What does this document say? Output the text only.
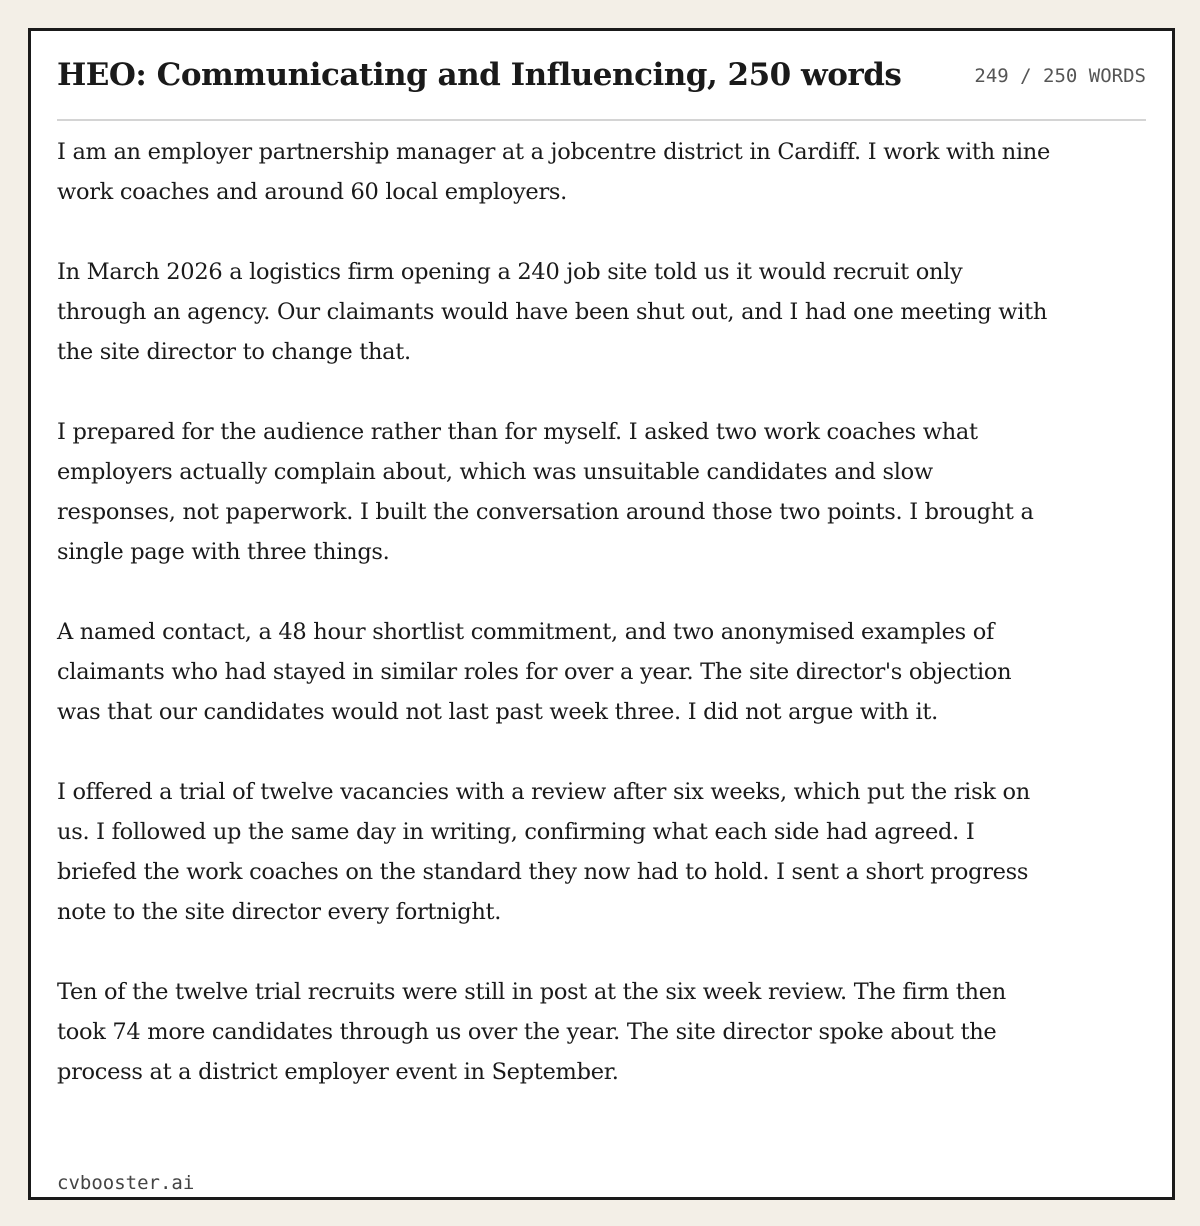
HEO: Communicating and Influencing, 250 words	249 / 250 WORDS

I am an employer partnership manager at a jobcentre district in Cardiff. I work with nine work coaches and around 60 local employers.

In March 2026 a logistics firm opening a 240 job site told us it would recruit only through an agency. Our claimants would have been shut out, and I had one meeting with the site director to change that.

I prepared for the audience rather than for myself. I asked two work coaches what employers actually complain about, which was unsuitable candidates and slow responses, not paperwork. I built the conversation around those two points. I brought a single page with three things.

A named contact, a 48 hour shortlist commitment, and two anonymised examples of claimants who had stayed in similar roles for over a year. The site director's objection was that our candidates would not last past week three. I did not argue with it.

I offered a trial of twelve vacancies with a review after six weeks, which put the risk on us. I followed up the same day in writing, confirming what each side had agreed. I briefed the work coaches on the standard they now had to hold. I sent a short progress note to the site director every fortnight.

Ten of the twelve trial recruits were still in post at the six week review. The firm then took 74 more candidates through us over the year. The site director spoke about the process at a district employer event in September.

cvbooster.ai
